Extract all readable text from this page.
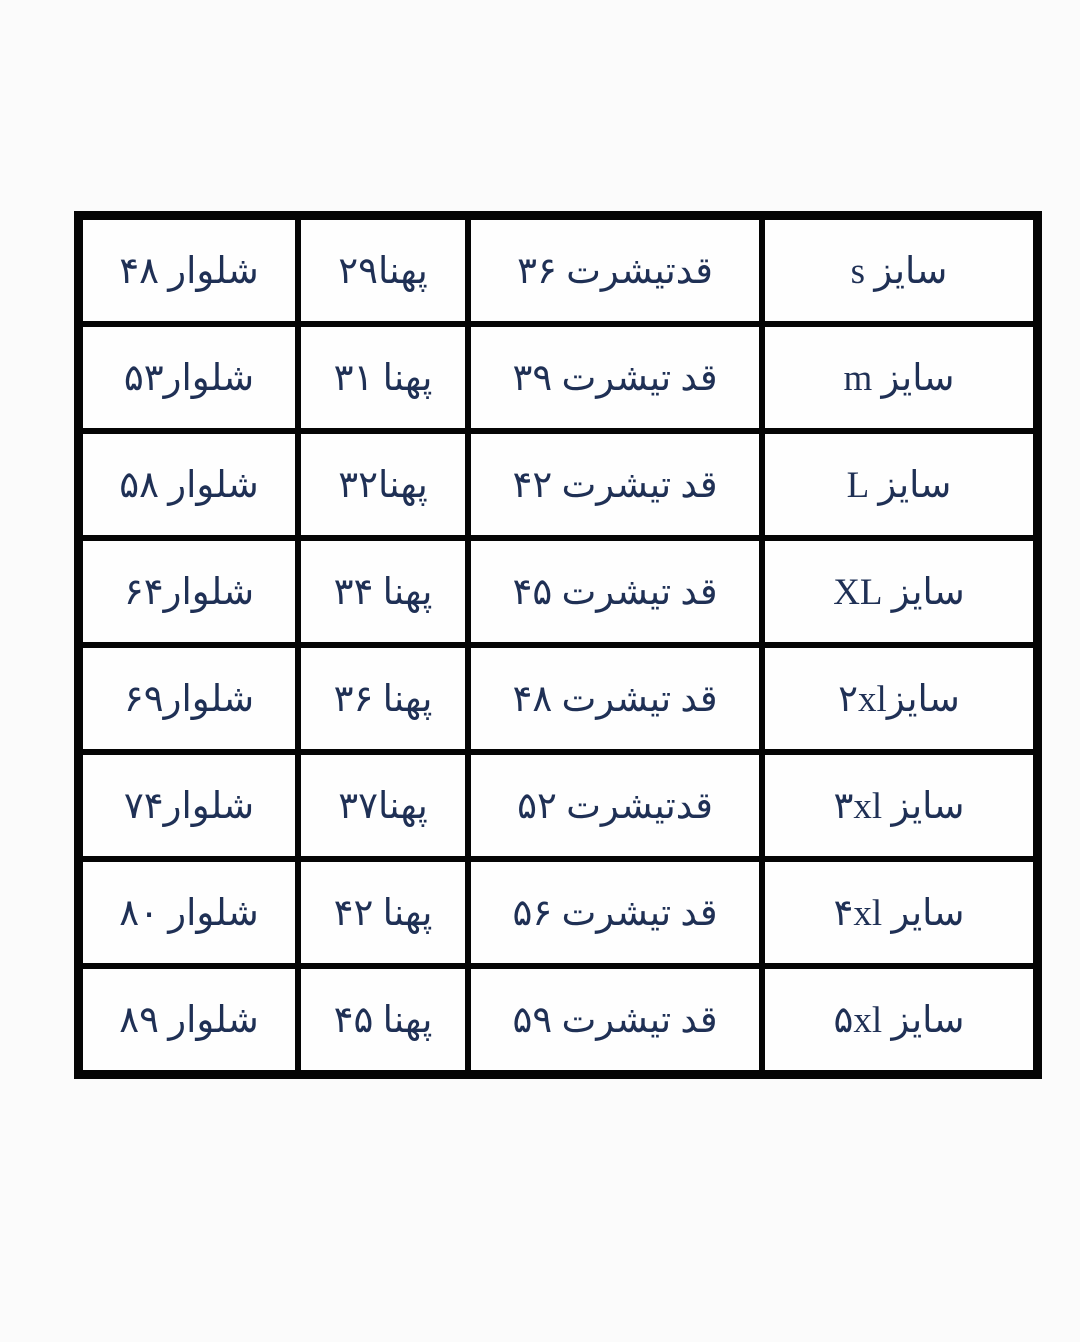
سایز s	قدتیشرت ۳۶	پهنا۲۹	شلوار ۴۸
سایز m	قد تیشرت ۳۹	پهنا ۳۱	شلوار۵۳
سایز L	قد تیشرت ۴۲	پهنا۳۲	شلوار ۵۸
سایز XL	قد تیشرت ۴۵	پهنا ۳۴	شلوار۶۴
سایز۲xl	قد تیشرت ۴۸	پهنا ۳۶	شلوار۶۹
سایز ۳xl	قدتیشرت ۵۲	پهنا۳۷	شلوار۷۴
سایر ۴xl	قد تیشرت ۵۶	پهنا ۴۲	شلوار ۸۰
سایز ۵xl	قد تیشرت ۵۹	پهنا ۴۵	شلوار ۸۹
